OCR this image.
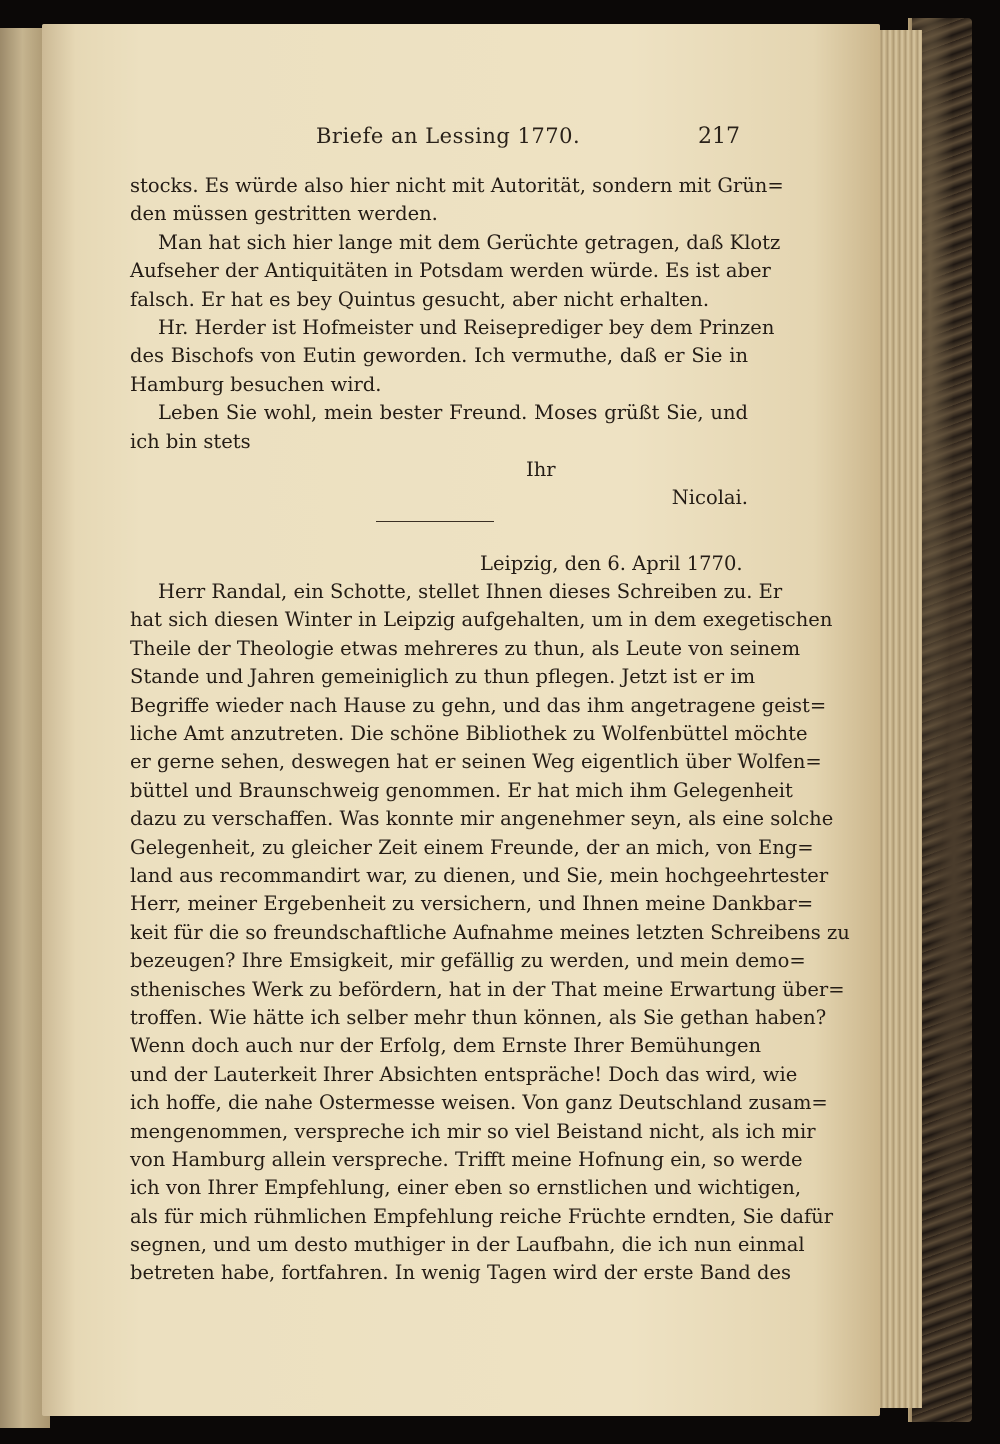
Briefe an Lessing 1770.	217
stocks. Es würde also hier nicht mit Autorität, sondern mit Grün=
den müssen gestritten werden.
Man hat sich hier lange mit dem Gerüchte getragen, daß Klotz
Aufseher der Antiquitäten in Potsdam werden würde. Es ist aber
falsch. Er hat es bey Quintus gesucht, aber nicht erhalten.
Hr. Herder ist Hofmeister und Reiseprediger bey dem Prinzen
des Bischofs von Eutin geworden. Ich vermuthe, daß er Sie in
Hamburg besuchen wird.
Leben Sie wohl, mein bester Freund. Moses grüßt Sie, und
ich bin stets
Ihr
Nicolai.
Leipzig, den 6. April 1770.
Herr Randal, ein Schotte, stellet Ihnen dieses Schreiben zu. Er
hat sich diesen Winter in Leipzig aufgehalten, um in dem exegetischen
Theile der Theologie etwas mehreres zu thun, als Leute von seinem
Stande und Jahren gemeiniglich zu thun pflegen. Jetzt ist er im
Begriffe wieder nach Hause zu gehn, und das ihm angetragene geist=
liche Amt anzutreten. Die schöne Bibliothek zu Wolfenbüttel möchte
er gerne sehen, deswegen hat er seinen Weg eigentlich über Wolfen=
büttel und Braunschweig genommen. Er hat mich ihm Gelegenheit
dazu zu verschaffen. Was konnte mir angenehmer seyn, als eine solche
Gelegenheit, zu gleicher Zeit einem Freunde, der an mich, von Eng=
land aus recommandirt war, zu dienen, und Sie, mein hochgeehrtester
Herr, meiner Ergebenheit zu versichern, und Ihnen meine Dankbar=
keit für die so freundschaftliche Aufnahme meines letzten Schreibens zu
bezeugen? Ihre Emsigkeit, mir gefällig zu werden, und mein demo=
sthenisches Werk zu befördern, hat in der That meine Erwartung über=
troffen. Wie hätte ich selber mehr thun können, als Sie gethan haben?
Wenn doch auch nur der Erfolg, dem Ernste Ihrer Bemühungen
und der Lauterkeit Ihrer Absichten entspräche! Doch das wird, wie
ich hoffe, die nahe Ostermesse weisen. Von ganz Deutschland zusam=
mengenommen, verspreche ich mir so viel Beistand nicht, als ich mir
von Hamburg allein verspreche. Trifft meine Hofnung ein, so werde
ich von Ihrer Empfehlung, einer eben so ernstlichen und wichtigen,
als für mich rühmlichen Empfehlung reiche Früchte erndten, Sie dafür
segnen, und um desto muthiger in der Laufbahn, die ich nun einmal
betreten habe, fortfahren. In wenig Tagen wird der erste Band des
